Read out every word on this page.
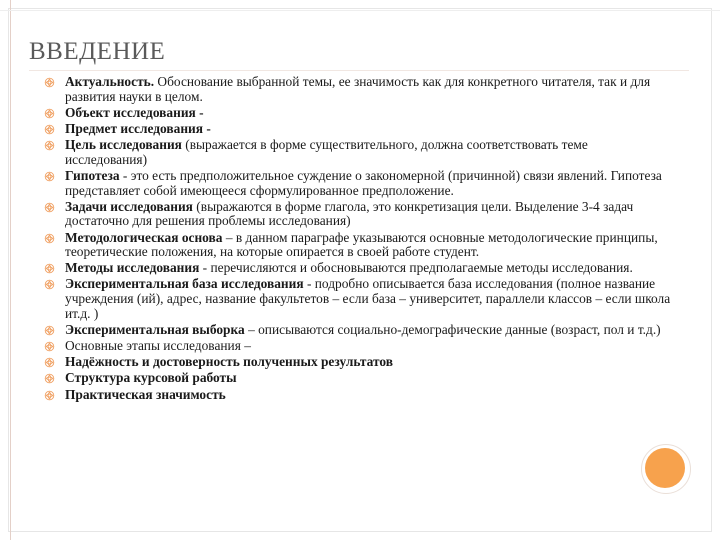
ВВЕДЕНИЕ
Актуальность. Обоснование выбранной темы, ее значимость как для конкретного читателя, так и для развития науки в целом.
Объект исследования -
Предмет исследования -
Цель исследования (выражается в форме существительного, должна соответствовать теме исследования)
Гипотеза - это есть предположительное суждение о закономерной (причинной) связи явлений. Гипотеза представляет собой имеющееся сформулированное предположение.
Задачи исследования (выражаются в форме глагола, это конкретизация цели. Выделение 3-4 задач достаточно для решения проблемы исследования)
Методологическая основа – в данном параграфе указываются основные методологические принципы, теоретические положения, на которые опирается в своей работе студент.
Методы исследования - перечисляются и обосновываются предполагаемые методы исследования.
Экспериментальная база исследования - подробно описывается база исследования (полное название учреждения (ий), адрес, название факультетов – если база – университет, параллели классов – если школа ит.д. )
Экспериментальная выборка – описываются социально-демографические данные (возраст, пол и т.д.)
Основные этапы исследования –
Надёжность и достоверность полученных результатов
Структура курсовой работы
Практическая значимость
